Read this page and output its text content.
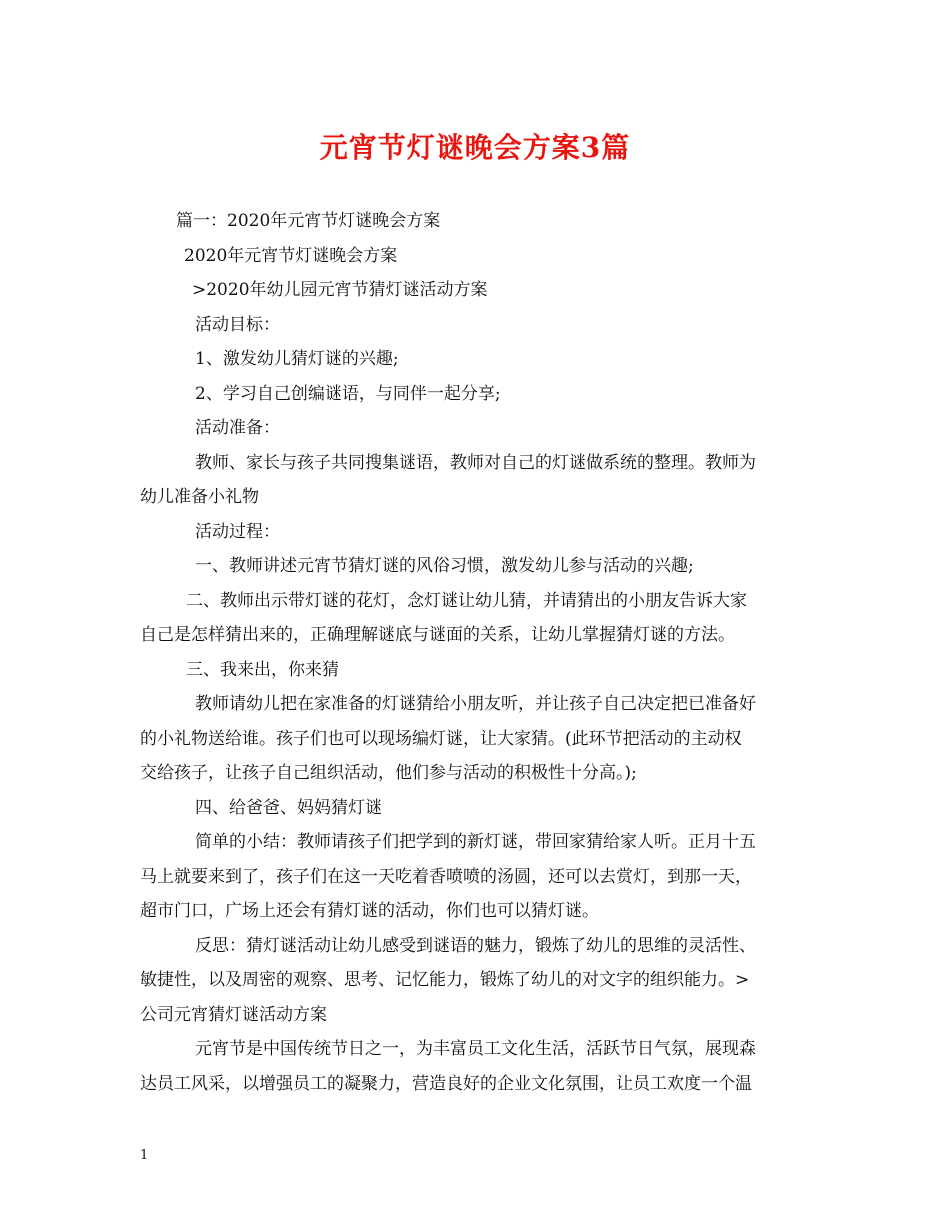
元宵节灯谜晚会方案3篇
篇一：2020年元宵节灯谜晚会方案
2020年元宵节灯谜晚会方案
>2020年幼儿园元宵节猜灯谜活动方案
活动目标：
1、激发幼儿猜灯谜的兴趣;
2、学习自己创编谜语，与同伴一起分享;
活动准备：
教师、家长与孩子共同搜集谜语，教师对自己的灯谜做系统的整理。教师为
幼儿准备小礼物
活动过程：
一、教师讲述元宵节猜灯谜的风俗习惯，激发幼儿参与活动的兴趣;
二、教师出示带灯谜的花灯，念灯谜让幼儿猜，并请猜出的小朋友告诉大家
自己是怎样猜出来的，正确理解谜底与谜面的关系，让幼儿掌握猜灯谜的方法。
三、我来出，你来猜
教师请幼儿把在家准备的灯谜猜给小朋友听，并让孩子自己决定把已准备好
的小礼物送给谁。孩子们也可以现场编灯谜，让大家猜。(此环节把活动的主动权
交给孩子，让孩子自己组织活动，他们参与活动的积极性十分高。);
四、给爸爸、妈妈猜灯谜
简单的小结：教师请孩子们把学到的新灯谜，带回家猜给家人听。正月十五
马上就要来到了，孩子们在这一天吃着香喷喷的汤圆，还可以去赏灯，到那一天，
超市门口，广场上还会有猜灯谜的活动，你们也可以猜灯谜。
反思：猜灯谜活动让幼儿感受到谜语的魅力，锻炼了幼儿的思维的灵活性、
敏捷性，以及周密的观察、思考、记忆能力，锻炼了幼儿的对文字的组织能力。>
公司元宵猜灯谜活动方案
元宵节是中国传统节日之一，为丰富员工文化生活，活跃节日气氛，展现森
达员工风采，以增强员工的凝聚力，营造良好的企业文化氛围，让员工欢度一个温
1
